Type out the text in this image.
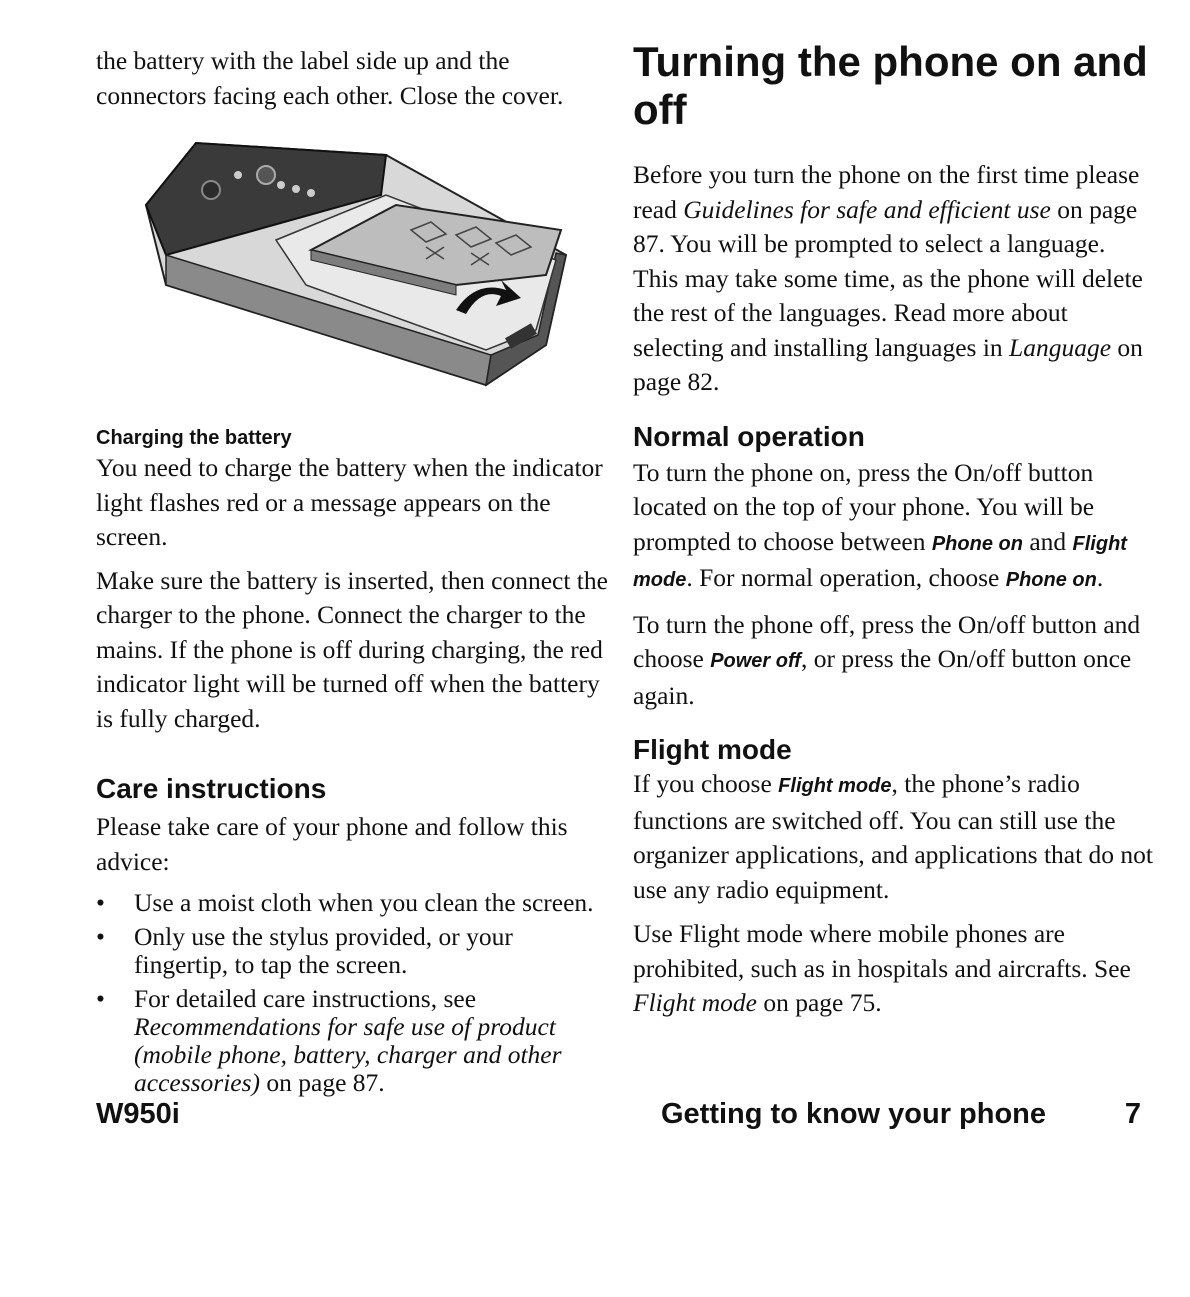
the battery with the label side up and the connectors facing each other. Close the cover.

Charging the battery

You need to charge the battery when the indicator light flashes red or a message appears on the screen.

Make sure the battery is inserted, then connect the charger to the phone. Connect the charger to the mains. If the phone is off during charging, the red indicator light will be turned off when the battery is fully charged.

Care instructions

Please take care of your phone and follow this advice:

• Use a moist cloth when you clean the screen.
• Only use the stylus provided, or your fingertip, to tap the screen.
• For detailed care instructions, see Recommendations for safe use of product (mobile phone, battery, charger and other accessories) on page 87.

Turning the phone on and off

Before you turn the phone on the first time please read Guidelines for safe and efficient use on page 87. You will be prompted to select a language. This may take some time, as the phone will delete the rest of the languages. Read more about selecting and installing languages in Language on page 82.

Normal operation

To turn the phone on, press the On/off button located on the top of your phone. You will be prompted to choose between Phone on and Flight mode. For normal operation, choose Phone on.

To turn the phone off, press the On/off button and choose Power off, or press the On/off button once again.

Flight mode

If you choose Flight mode, the phone’s radio functions are switched off. You can still use the organizer applications, and applications that do not use any radio equipment.

Use Flight mode where mobile phones are prohibited, such as in hospitals and aircrafts. See Flight mode on page 75.

W950i	Getting to know your phone	7
